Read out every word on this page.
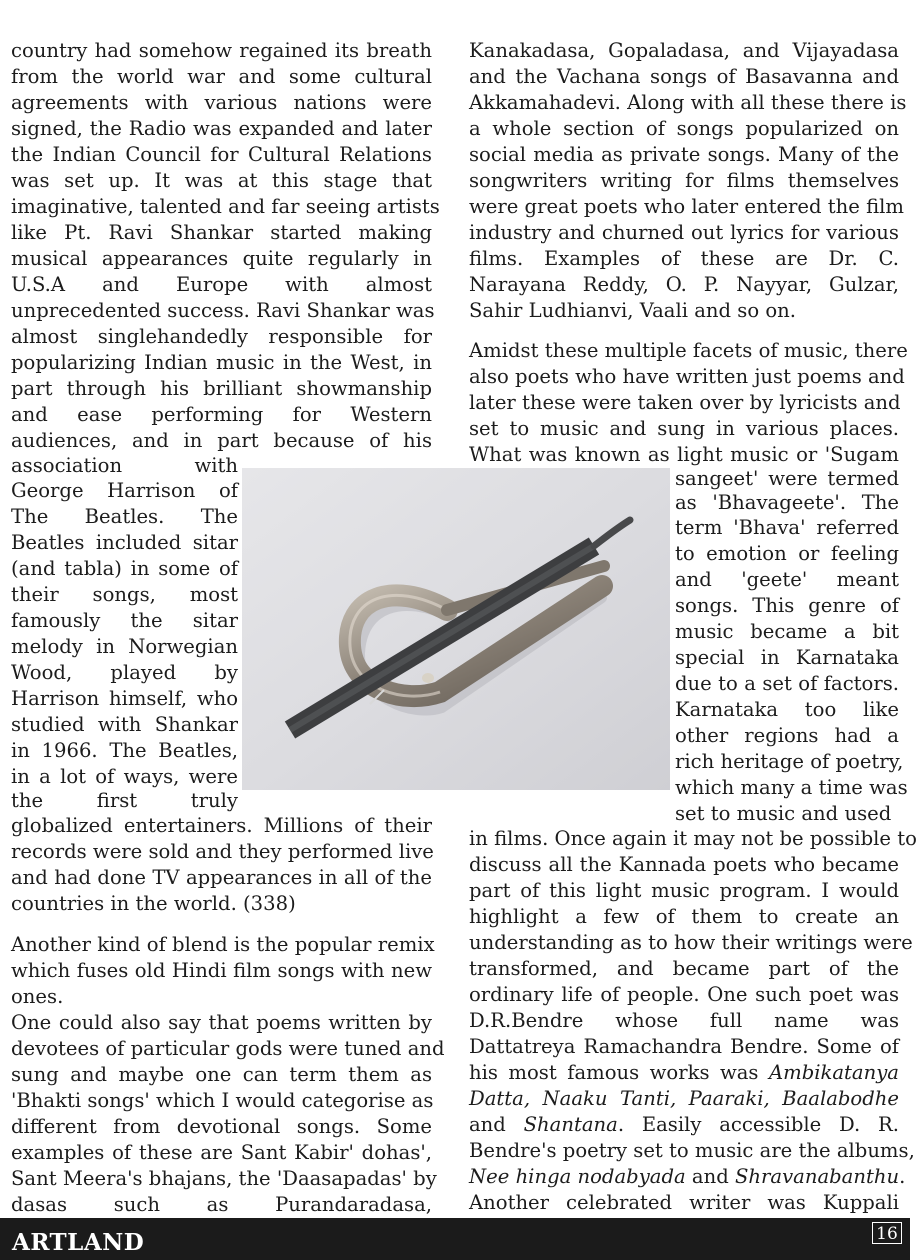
country had somehow regained its breath
from the world war and some cultural
agreements with various nations were
signed, the Radio was expanded and later
the Indian Council for Cultural Relations
was set up. It was at this stage that
imaginative, talented and far seeing artists
like Pt. Ravi Shankar started making
musical appearances quite regularly in
U.S.A and Europe with almost
unprecedented success. Ravi Shankar was
almost singlehandedly responsible for
popularizing Indian music in the West, in
part through his brilliant showmanship
and ease performing for Western
audiences, and in part because of his
association with
George Harrison of
The Beatles. The
Beatles included sitar
(and tabla) in some of
their songs, most
famously the sitar
melody in Norwegian
Wood, played by
Harrison himself, who
studied with Shankar
in 1966. The Beatles,
in a lot of ways, were
the first truly
globalized entertainers. Millions of their
records were sold and they performed live
and had done TV appearances in all of the
countries in the world. (338)
Another kind of blend is the popular remix
which fuses old Hindi film songs with new
ones.
One could also say that poems written by
devotees of particular gods were tuned and
sung and maybe one can term them as
'Bhakti songs' which I would categorise as
different from devotional songs. Some
examples of these are Sant Kabir' dohas',
Sant Meera's bhajans, the 'Daasapadas' by
dasas such as Purandaradasa,
Kanakadasa, Gopaladasa, and Vijayadasa
and the Vachana songs of Basavanna and
Akkamahadevi. Along with all these there is
a whole section of songs popularized on
social media as private songs. Many of the
songwriters writing for films themselves
were great poets who later entered the film
industry and churned out lyrics for various
films. Examples of these are Dr. C.
Narayana Reddy, O. P. Nayyar, Gulzar,
Sahir Ludhianvi, Vaali and so on.
Amidst these multiple facets of music, there
also poets who have written just poems and
later these were taken over by lyricists and
set to music and sung in various places.
What was known as light music or 'Sugam
sangeet' were termed
as 'Bhavageete'. The
term 'Bhava' referred
to emotion or feeling
and 'geete' meant
songs. This genre of
music became a bit
special in Karnataka
due to a set of factors.
Karnataka too like
other regions had a
rich heritage of poetry,
which many a time was
set to music and used
in films. Once again it may not be possible to
discuss all the Kannada poets who became
part of this light music program. I would
highlight a few of them to create an
understanding as to how their writings were
transformed, and became part of the
ordinary life of people. One such poet was
D.R.Bendre whose full name was
Dattatreya Ramachandra Bendre. Some of
his most famous works was Ambikatanya
Datta, Naaku Tanti, Paaraki, Baalabodhe
and Shantana. Easily accessible D. R.
Bendre's poetry set to music are the albums,
Nee hinga nodabyada and Shravanabanthu.
Another celebrated writer was Kuppali
ARTLAND	16
